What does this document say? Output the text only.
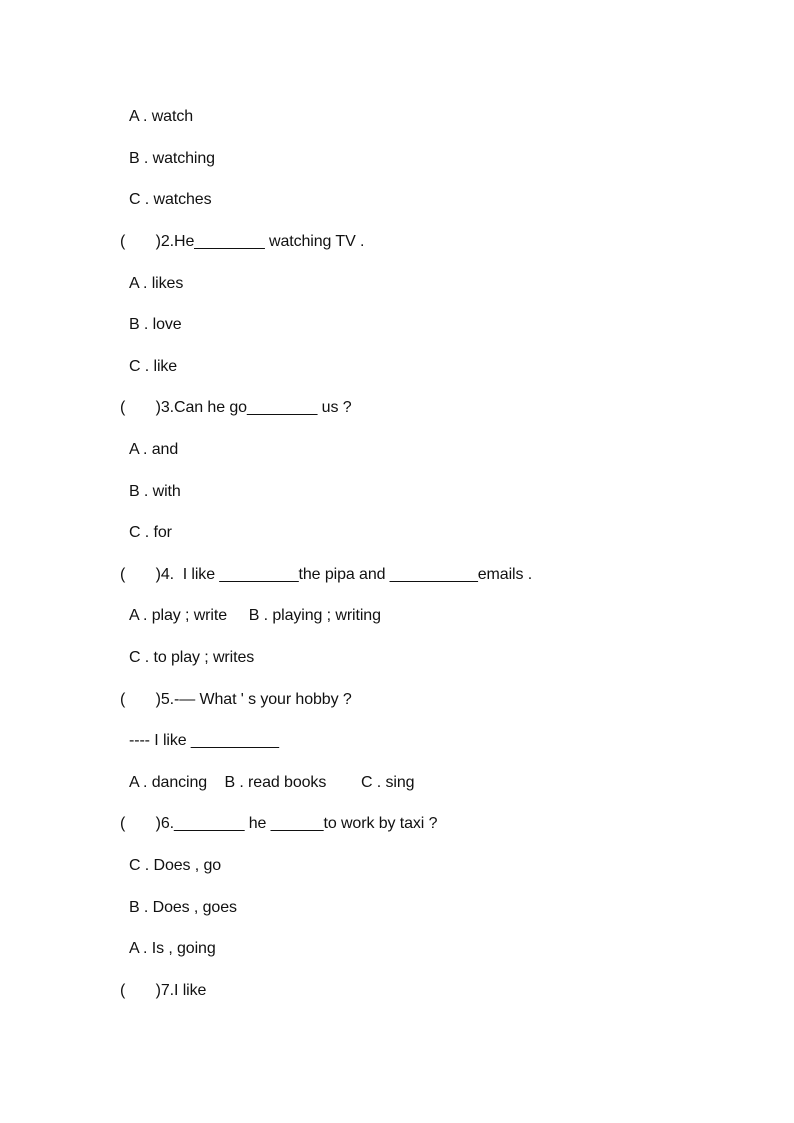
A . watch
B . watching
C . watches
(       )2.He________ watching TV .
A . likes
B . love
C . like
(       )3.Can he go________ us ?
A . and
B . with
C . for
(       )4.  I like _________the pipa and __________emails .
A . play ; write     B . playing ; writing
C . to play ; writes
(       )5.-— What ' s your hobby ?
---- I like __________
A . dancing    B . read books        C . sing
(       )6.________ he ______to work by taxi ?
C . Does , go
B . Does , goes
A . Is , going
(       )7.I like
